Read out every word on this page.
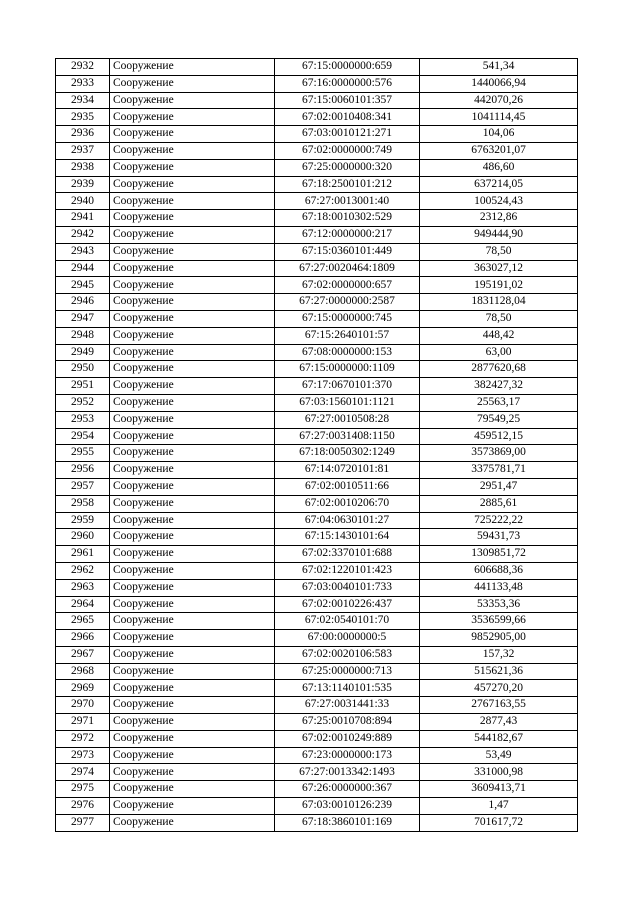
2932	Сооружение	67:15:0000000:659	541,34
2933	Сооружение	67:16:0000000:576	1440066,94
2934	Сооружение	67:15:0060101:357	442070,26
2935	Сооружение	67:02:0010408:341	1041114,45
2936	Сооружение	67:03:0010121:271	104,06
2937	Сооружение	67:02:0000000:749	6763201,07
2938	Сооружение	67:25:0000000:320	486,60
2939	Сооружение	67:18:2500101:212	637214,05
2940	Сооружение	67:27:0013001:40	100524,43
2941	Сооружение	67:18:0010302:529	2312,86
2942	Сооружение	67:12:0000000:217	949444,90
2943	Сооружение	67:15:0360101:449	78,50
2944	Сооружение	67:27:0020464:1809	363027,12
2945	Сооружение	67:02:0000000:657	195191,02
2946	Сооружение	67:27:0000000:2587	1831128,04
2947	Сооружение	67:15:0000000:745	78,50
2948	Сооружение	67:15:2640101:57	448,42
2949	Сооружение	67:08:0000000:153	63,00
2950	Сооружение	67:15:0000000:1109	2877620,68
2951	Сооружение	67:17:0670101:370	382427,32
2952	Сооружение	67:03:1560101:1121	25563,17
2953	Сооружение	67:27:0010508:28	79549,25
2954	Сооружение	67:27:0031408:1150	459512,15
2955	Сооружение	67:18:0050302:1249	3573869,00
2956	Сооружение	67:14:0720101:81	3375781,71
2957	Сооружение	67:02:0010511:66	2951,47
2958	Сооружение	67:02:0010206:70	2885,61
2959	Сооружение	67:04:0630101:27	725222,22
2960	Сооружение	67:15:1430101:64	59431,73
2961	Сооружение	67:02:3370101:688	1309851,72
2962	Сооружение	67:02:1220101:423	606688,36
2963	Сооружение	67:03:0040101:733	441133,48
2964	Сооружение	67:02:0010226:437	53353,36
2965	Сооружение	67:02:0540101:70	3536599,66
2966	Сооружение	67:00:0000000:5	9852905,00
2967	Сооружение	67:02:0020106:583	157,32
2968	Сооружение	67:25:0000000:713	515621,36
2969	Сооружение	67:13:1140101:535	457270,20
2970	Сооружение	67:27:0031441:33	2767163,55
2971	Сооружение	67:25:0010708:894	2877,43
2972	Сооружение	67:02:0010249:889	544182,67
2973	Сооружение	67:23:0000000:173	53,49
2974	Сооружение	67:27:0013342:1493	331000,98
2975	Сооружение	67:26:0000000:367	3609413,71
2976	Сооружение	67:03:0010126:239	1,47
2977	Сооружение	67:18:3860101:169	701617,72
